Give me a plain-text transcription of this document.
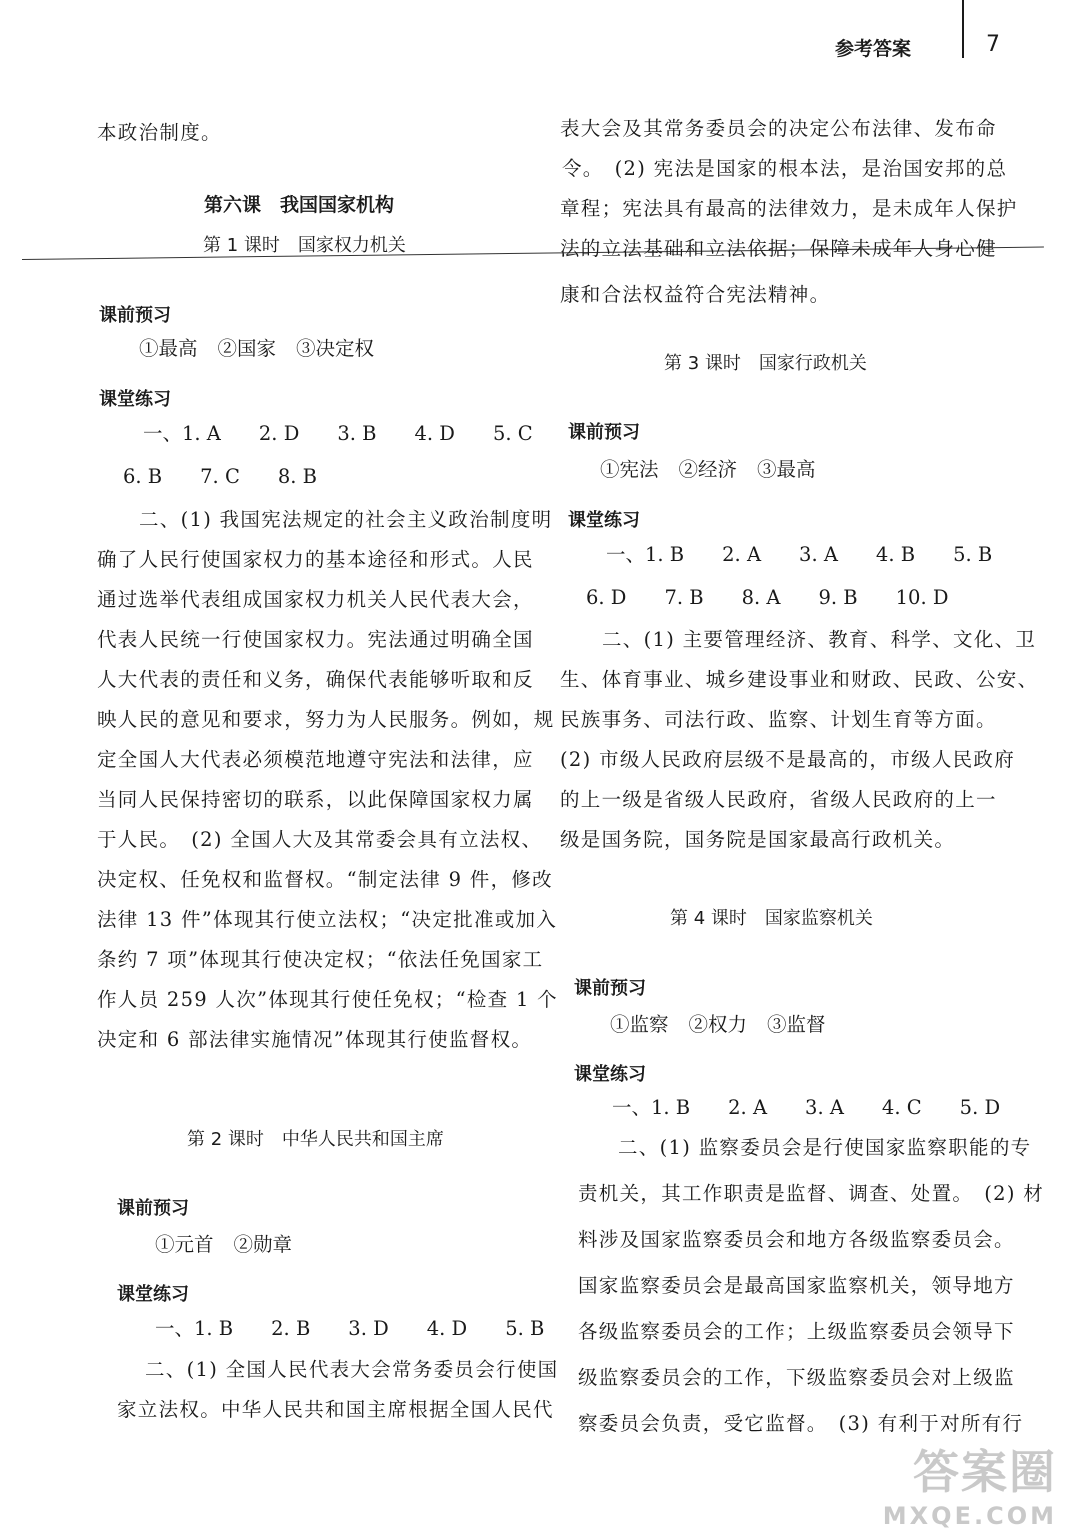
参考答案	7
本政治制度。
第六课　我国国家机构
第 1 课时　国家权力机关
课前预习
①最高 ②国家 ③决定权
课堂练习
一、1. A 2. D 3. B 4. D 5. C
6. B 7. C 8. B
二、(1) 我国宪法规定的社会主义政治制度明
确了人民行使国家权力的基本途径和形式。人民
通过选举代表组成国家权力机关人民代表大会，
代表人民统一行使国家权力。宪法通过明确全国
人大代表的责任和义务，确保代表能够听取和反
映人民的意见和要求，努力为人民服务。例如，规
定全国人大代表必须模范地遵守宪法和法律，应
当同人民保持密切的联系，以此保障国家权力属
于人民。　(2) 全国人大及其常委会具有立法权、
决定权、任免权和监督权。“制定法律 9 件，修改
法律 13 件”体现其行使立法权；“决定批准或加入
条约 7 项”体现其行使决定权；“依法任免国家工
作人员 259 人次”体现其行使任免权；“检查 1 个
决定和 6 部法律实施情况”体现其行使监督权。
第 2 课时　中华人民共和国主席
课前预习
①元首 ②勋章
课堂练习
一、1. B 2. B 3. D 4. D 5. B
二、(1) 全国人民代表大会常务委员会行使国
家立法权。中华人民共和国主席根据全国人民代
表大会及其常务委员会的决定公布法律、发布命
令。　(2) 宪法是国家的根本法，是治国安邦的总
章程；宪法具有最高的法律效力，是未成年人保护
法的立法基础和立法依据；保障未成年人身心健
康和合法权益符合宪法精神。
第 3 课时　国家行政机关
课前预习
①宪法 ②经济 ③最高
课堂练习
一、1. B 2. A 3. A 4. B 5. B
6. D 7. B 8. A 9. B 10. D
二、(1) 主要管理经济、教育、科学、文化、卫
生、体育事业、城乡建设事业和财政、民政、公安、
民族事务、司法行政、监察、计划生育等方面。
(2) 市级人民政府层级不是最高的，市级人民政府
的上一级是省级人民政府，省级人民政府的上一
级是国务院，国务院是国家最高行政机关。
第 4 课时　国家监察机关
课前预习
①监察 ②权力 ③监督
课堂练习
一、1. B 2. A 3. A 4. C 5. D
二、(1) 监察委员会是行使国家监察职能的专
责机关，其工作职责是监督、调查、处置。　(2) 材
料涉及国家监察委员会和地方各级监察委员会。
国家监察委员会是最高国家监察机关，领导地方
各级监察委员会的工作；上级监察委员会领导下
级监察委员会的工作，下级监察委员会对上级监
察委员会负责，受它监督。　(3) 有利于对所有行
答案圈
MXQE.COM
